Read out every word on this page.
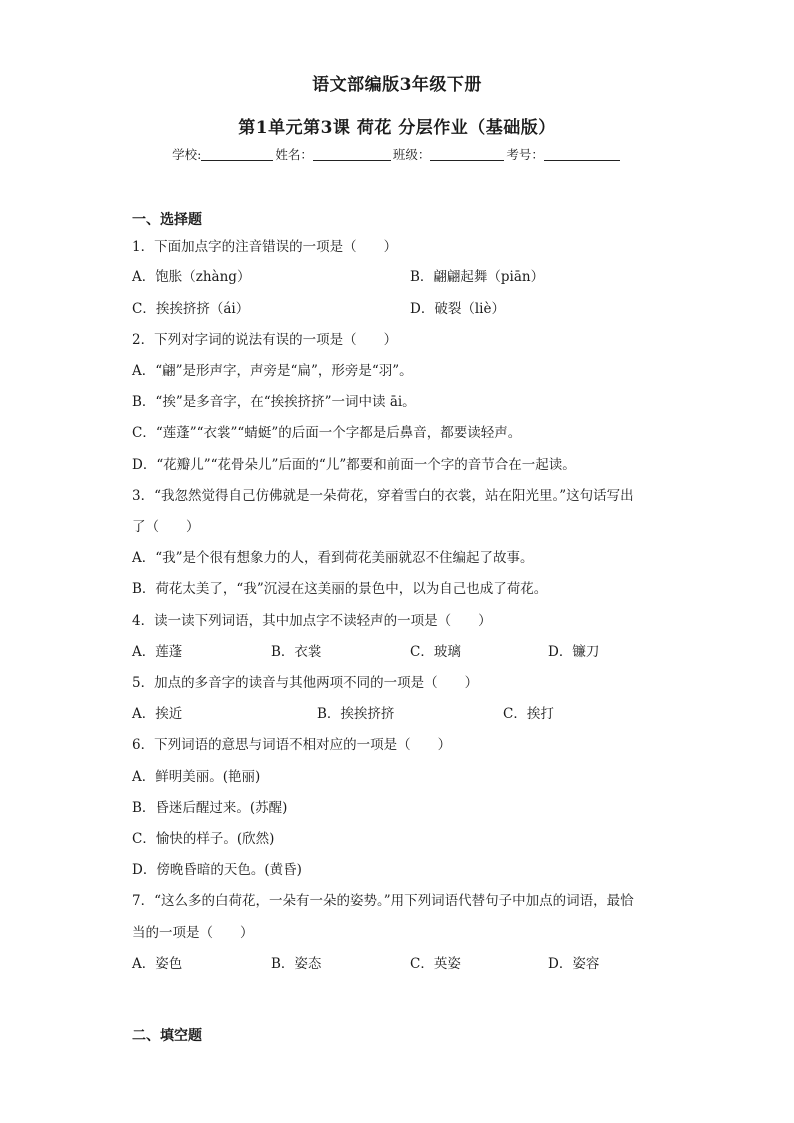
语文部编版3年级下册
第1单元第3课 荷花 分层作业（基础版）
学校:	姓名：	班级：	考号：
一、选择题
1．下面加点字的注音错误的一项是（　　）
A．饱胀（zhàng）	B．翩翩起舞（piān）
C．挨挨挤挤（ái）	D．破裂（liè）
2．下列对字词的说法有误的一项是（　　）
A．“翩”是形声字，声旁是“扁”，形旁是“羽”。
B．“挨”是多音字，在“挨挨挤挤”一词中读 āi。
C．“莲蓬”“衣裳”“蜻蜓”的后面一个字都是后鼻音，都要读轻声。
D．“花瓣儿”“花骨朵儿”后面的“儿”都要和前面一个字的音节合在一起读。
3．“我忽然觉得自己仿佛就是一朵荷花，穿着雪白的衣裳，站在阳光里。”这句话写出
了（　　）
A．“我”是个很有想象力的人，看到荷花美丽就忍不住编起了故事。
B．荷花太美了，“我”沉浸在这美丽的景色中，以为自己也成了荷花。
4．读一读下列词语，其中加点字不读轻声的一项是（　　）
A．莲蓬	B．衣裳	C．玻璃	D．镰刀
5．加点的多音字的读音与其他两项不同的一项是（　　）
A．挨近	B．挨挨挤挤	C．挨打
6．下列词语的意思与词语不相对应的一项是（　　）
A．鲜明美丽。(艳丽)
B．昏迷后醒过来。(苏醒)
C．愉快的样子。(欣然)
D．傍晚昏暗的天色。(黄昏)
7．“这么多的白荷花，一朵有一朵的姿势。”用下列词语代替句子中加点的词语，最恰
当的一项是（　　）
A．姿色	B．姿态	C．英姿	D．姿容
二、填空题
